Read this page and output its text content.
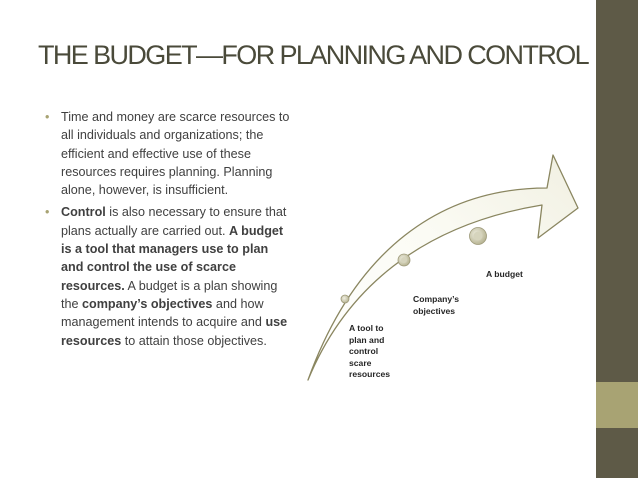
THE BUDGET—FOR PLANNING AND CONTROL
• Time and money are scarce resources to all individuals and organizations; the efficient and effective use of these resources requires planning. Planning alone, however, is insufficient.
• Control is also necessary to ensure that plans actually are carried out. A budget is a tool that managers use to plan and control the use of scarce resources. A budget is a plan showing the company’s objectives and how management intends to acquire and use resources to attain those objectives.
A tool to plan and control scare resources
Company’s objectives
A budget
